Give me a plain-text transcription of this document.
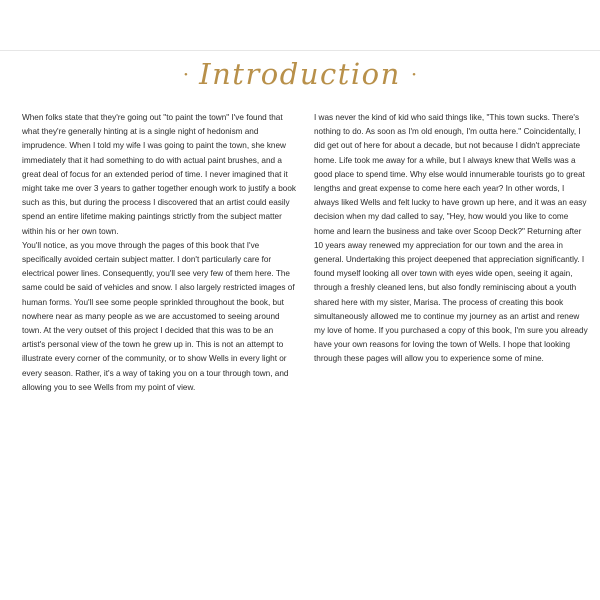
· Introduction ·

When folks state that they're going out "to paint the town" I've found that what they're generally hinting at is a single night of hedonism and imprudence. When I told my wife I was going to paint the town, she knew immediately that it had something to do with actual paint brushes, and a great deal of focus for an extended period of time. I never imagined that it might take me over 3 years to gather together enough work to justify a book such as this, but during the process I discovered that an artist could easily spend an entire lifetime making paintings strictly from the subject matter within his or her own town.

You'll notice, as you move through the pages of this book that I've specifically avoided certain subject matter. I don't particularly care for electrical power lines. Consequently, you'll see very few of them here. The same could be said of vehicles and snow. I also largely restricted images of human forms. You'll see some people sprinkled throughout the book, but nowhere near as many people as we are accustomed to seeing around town. At the very outset of this project I decided that this was to be an artist's personal view of the town he grew up in. This is not an attempt to illustrate every corner of the community, or to show Wells in every light or every season. Rather, it's a way of taking you on a tour through town, and allowing you to see Wells from my point of view.

I was never the kind of kid who said things like, "This town sucks. There's nothing to do. As soon as I'm old enough, I'm outta here." Coincidentally, I did get out of here for about a decade, but not because I didn't appreciate home. Life took me away for a while, but I always knew that Wells was a good place to spend time. Why else would innumerable tourists go to great lengths and great expense to come here each year? In other words, I always liked Wells and felt lucky to have grown up here, and it was an easy decision when my dad called to say, "Hey, how would you like to come home and learn the business and take over Scoop Deck?" Returning after 10 years away renewed my appreciation for our town and the area in general. Undertaking this project deepened that appreciation significantly. I found myself looking all over town with eyes wide open, seeing it again, through a freshly cleaned lens, but also fondly reminiscing about a youth shared here with my sister, Marisa. The process of creating this book simultaneously allowed me to continue my journey as an artist and renew my love of home. If you purchased a copy of this book, I'm sure you already have your own reasons for loving the town of Wells. I hope that looking through these pages will allow you to experience some of mine.
